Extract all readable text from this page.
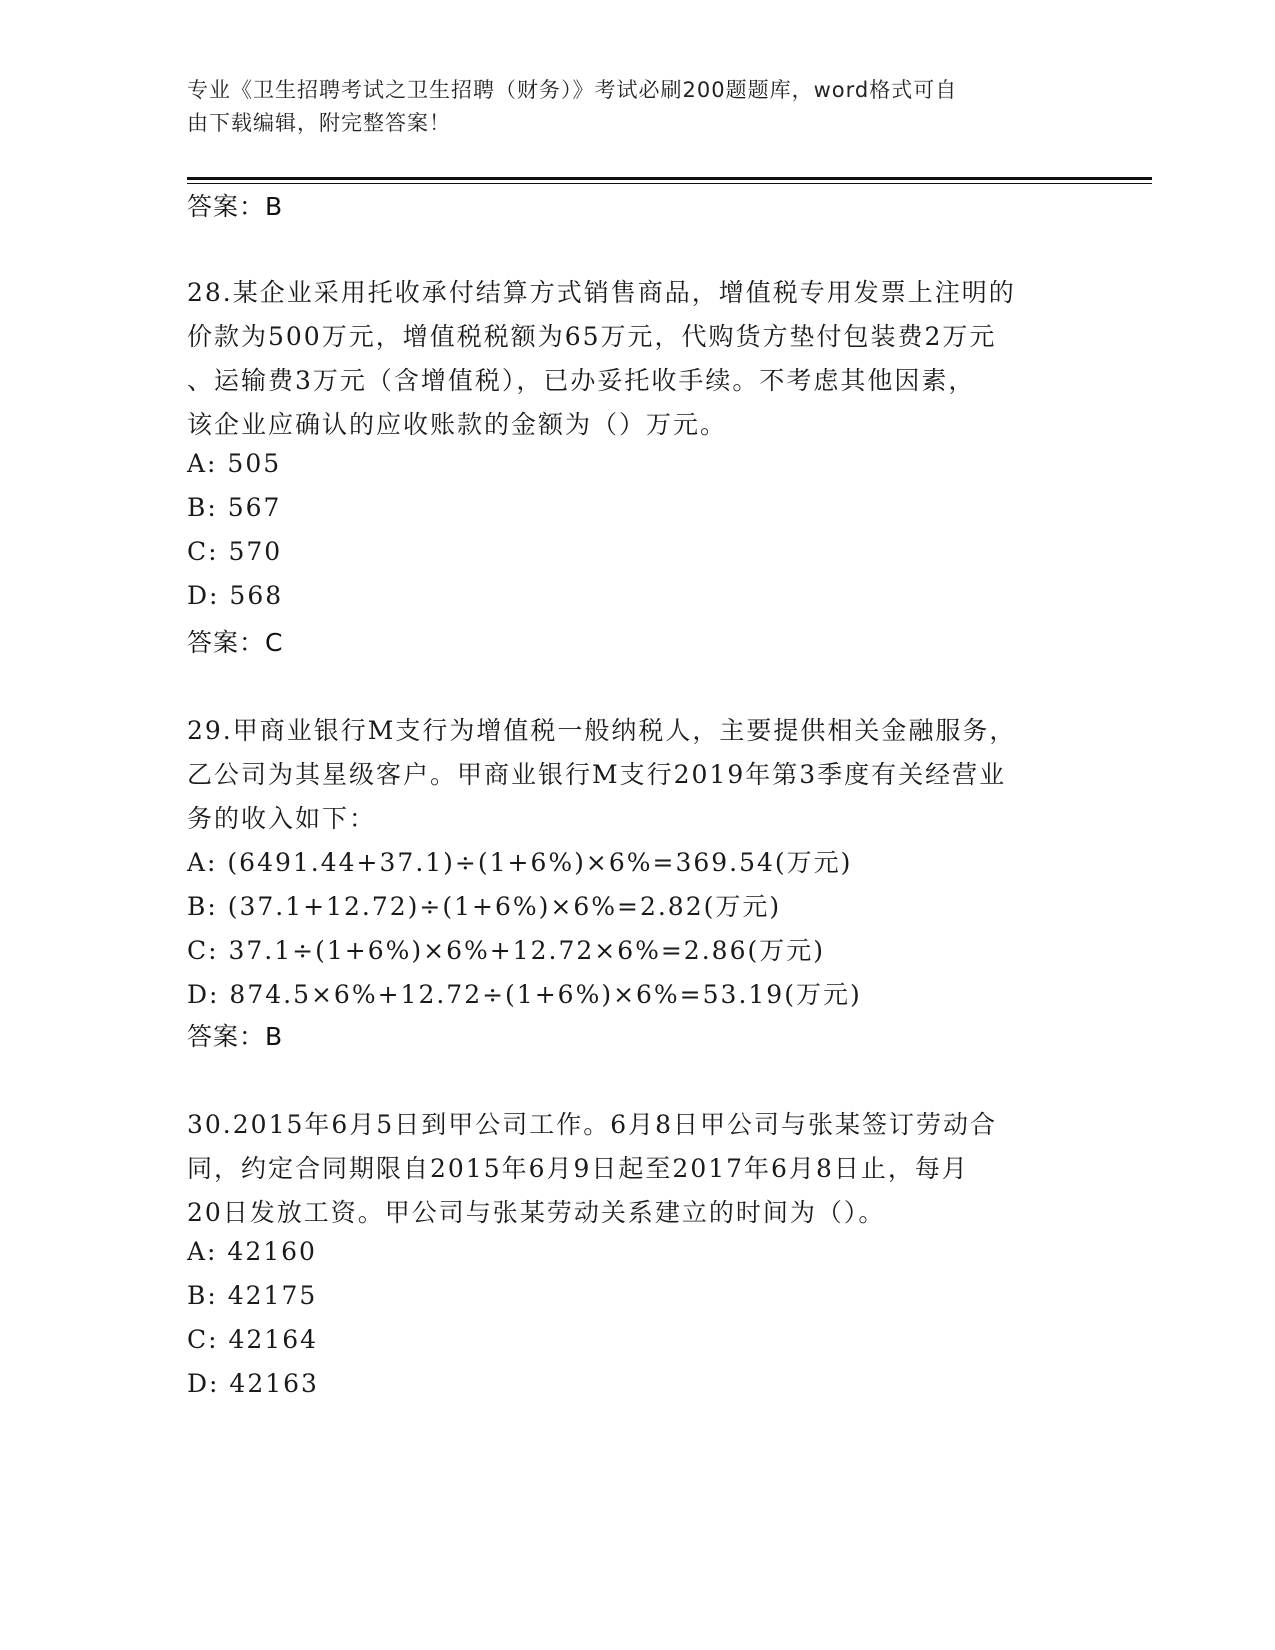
专业《卫生招聘考试之卫生招聘（财务）》考试必刷200题题库，word格式可自
由下载编辑，附完整答案！
答案：B
28.某企业采用托收承付结算方式销售商品，增值税专用发票上注明的
价款为500万元，增值税税额为65万元，代购货方垫付包装费2万元
、运输费3万元（含增值税），已办妥托收手续。不考虑其他因素，
该企业应确认的应收账款的金额为（）万元。
A: 505
B: 567
C: 570
D: 568
答案：C
29.甲商业银行M支行为增值税一般纳税人，主要提供相关金融服务，
乙公司为其星级客户。甲商业银行M支行2019年第3季度有关经营业
务的收入如下：
A: (6491.44+37.1)÷(1+6%)×6%=369.54(万元)
B: (37.1+12.72)÷(1+6%)×6%=2.82(万元)
C: 37.1÷(1+6%)×6%+12.72×6%=2.86(万元)
D: 874.5×6%+12.72÷(1+6%)×6%=53.19(万元)
答案：B
30.2015年6月5日到甲公司工作。6月8日甲公司与张某签订劳动合
同，约定合同期限自2015年6月9日起至2017年6月8日止，每月
20日发放工资。甲公司与张某劳动关系建立的时间为（）。
A: 42160
B: 42175
C: 42164
D: 42163
